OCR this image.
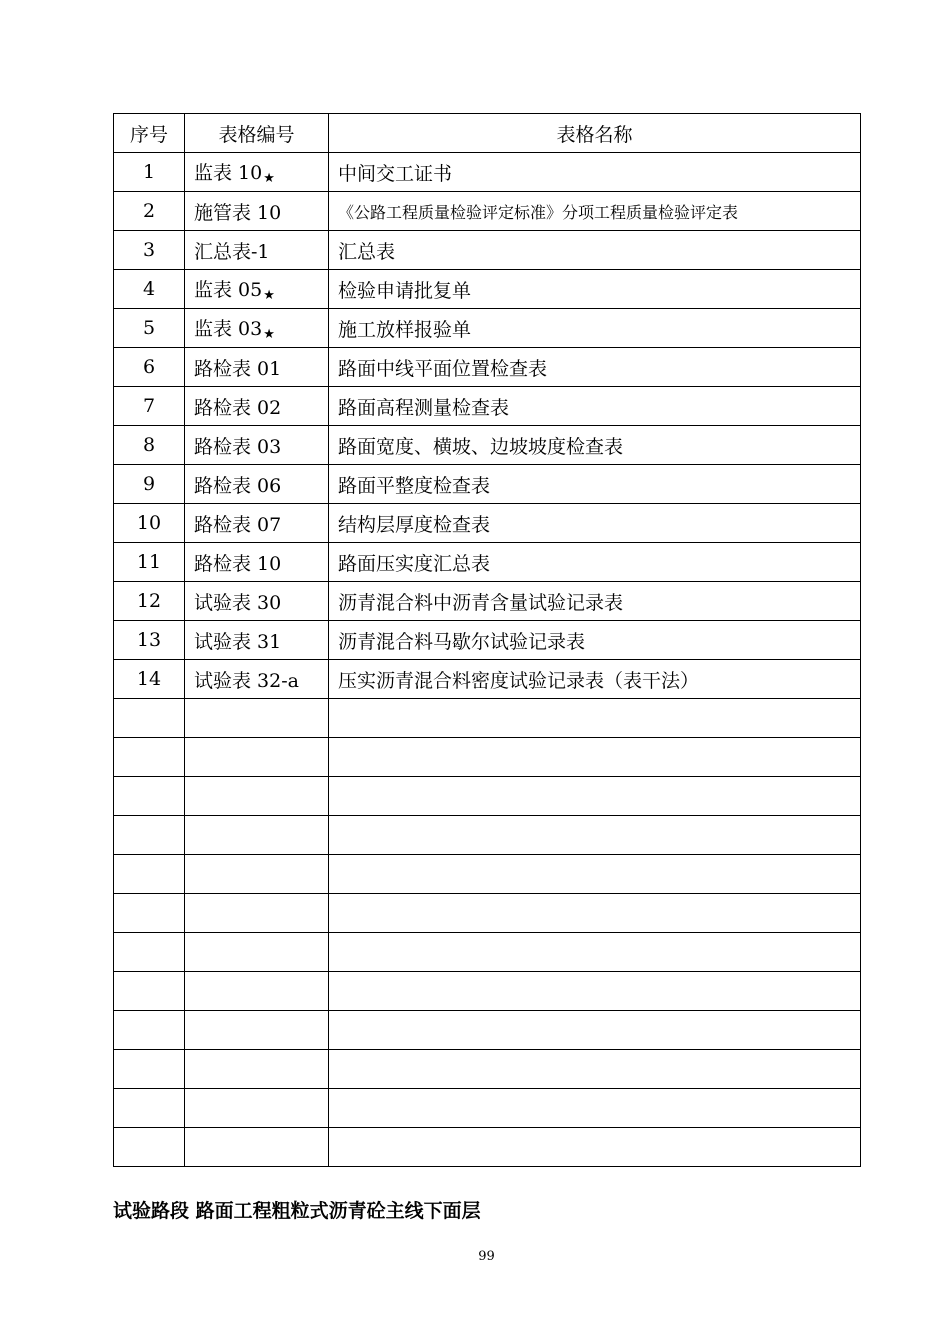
序号	表格编号	表格名称
1	监表 10★	中间交工证书
2	施管表 10	《公路工程质量检验评定标准》分项工程质量检验评定表
3	汇总表-1	汇总表
4	监表 05★	检验申请批复单
5	监表 03★	施工放样报验单
6	路检表 01	路面中线平面位置检查表
7	路检表 02	路面高程测量检查表
8	路检表 03	路面宽度、横坡、边坡坡度检查表
9	路检表 06	路面平整度检查表
10	路检表 07	结构层厚度检查表
11	路检表 10	路面压实度汇总表
12	试验表 30	沥青混合料中沥青含量试验记录表
13	试验表 31	沥青混合料马歇尔试验记录表
14	试验表 32-a	压实沥青混合料密度试验记录表（表干法）

试验路段 路面工程粗粒式沥青砼主线下面层
99
